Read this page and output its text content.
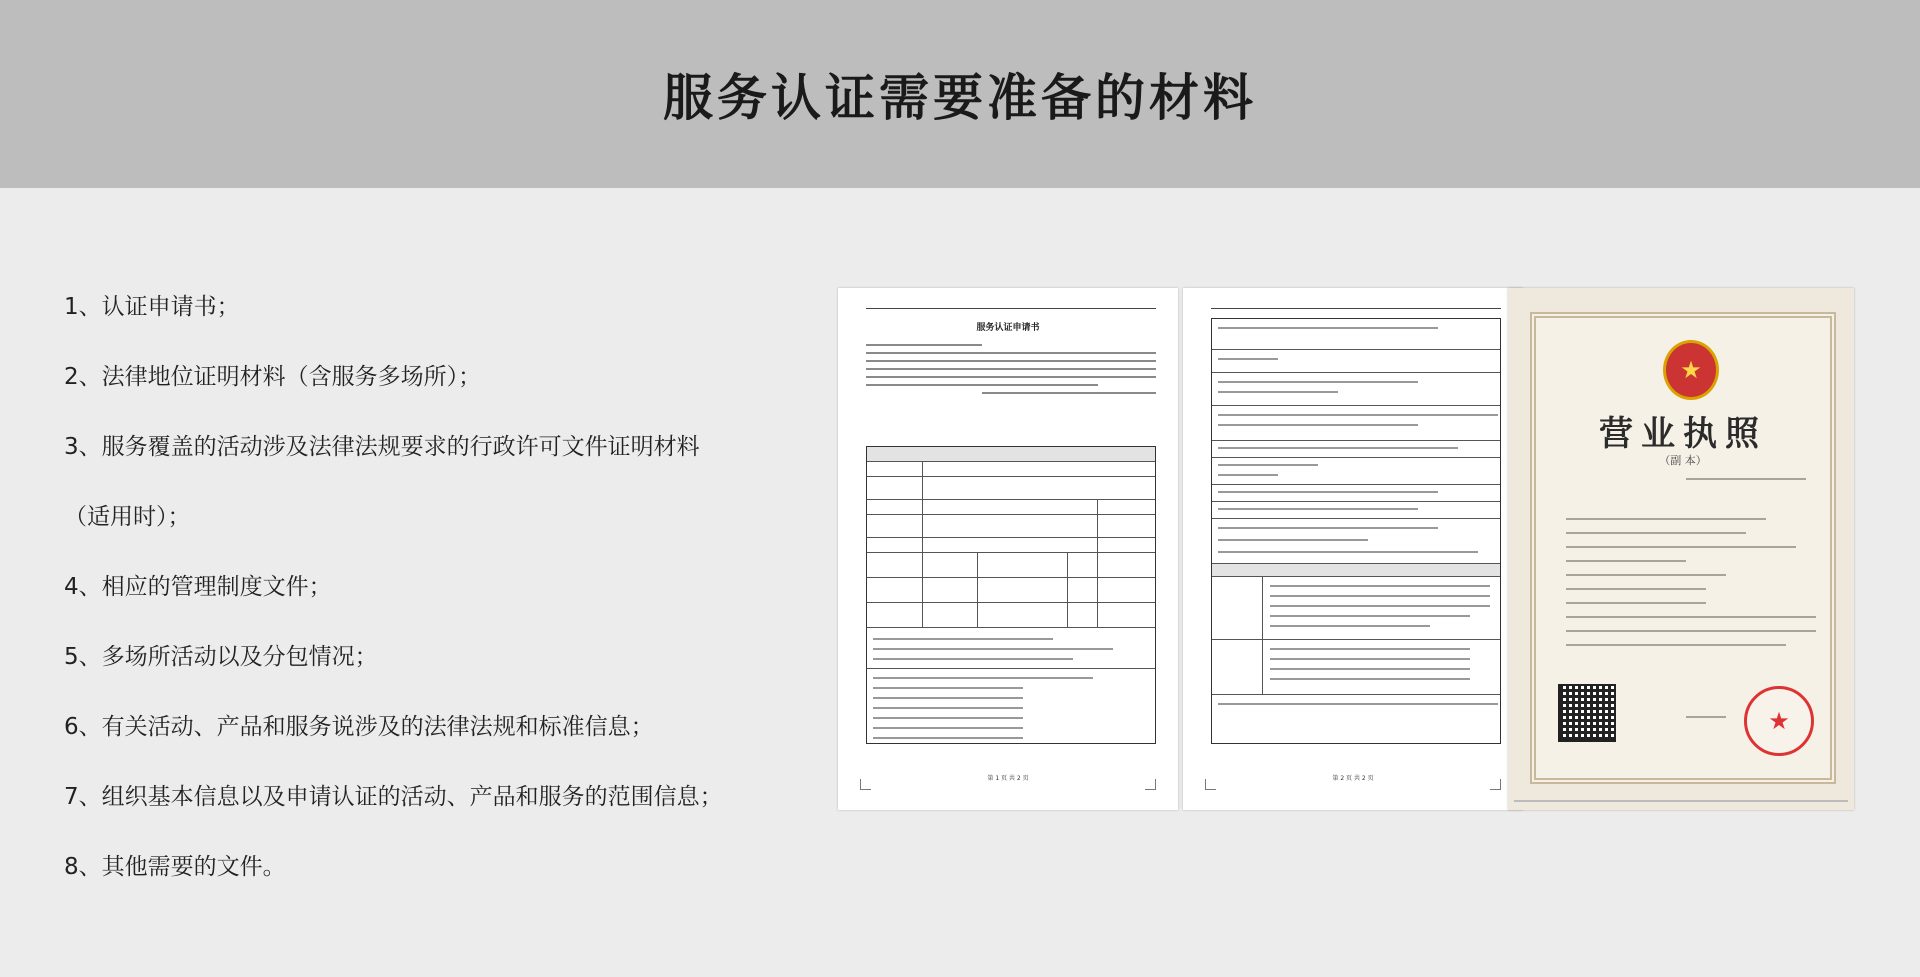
服务认证需要准备的材料
1、认证申请书；
2、法律地位证明材料（含服务多场所）；
3、服务覆盖的活动涉及法律法规要求的行政许可文件证明材料
（适用时）；
4、相应的管理制度文件；
5、多场所活动以及分包情况；
6、有关活动、产品和服务说涉及的法律法规和标准信息；
7、组织基本信息以及申请认证的活动、产品和服务的范围信息；
8、其他需要的文件。
服务认证申请书
第 1 页 共 2 页	第 2 页 共 2 页
★
营业执照
（副 本）
★
